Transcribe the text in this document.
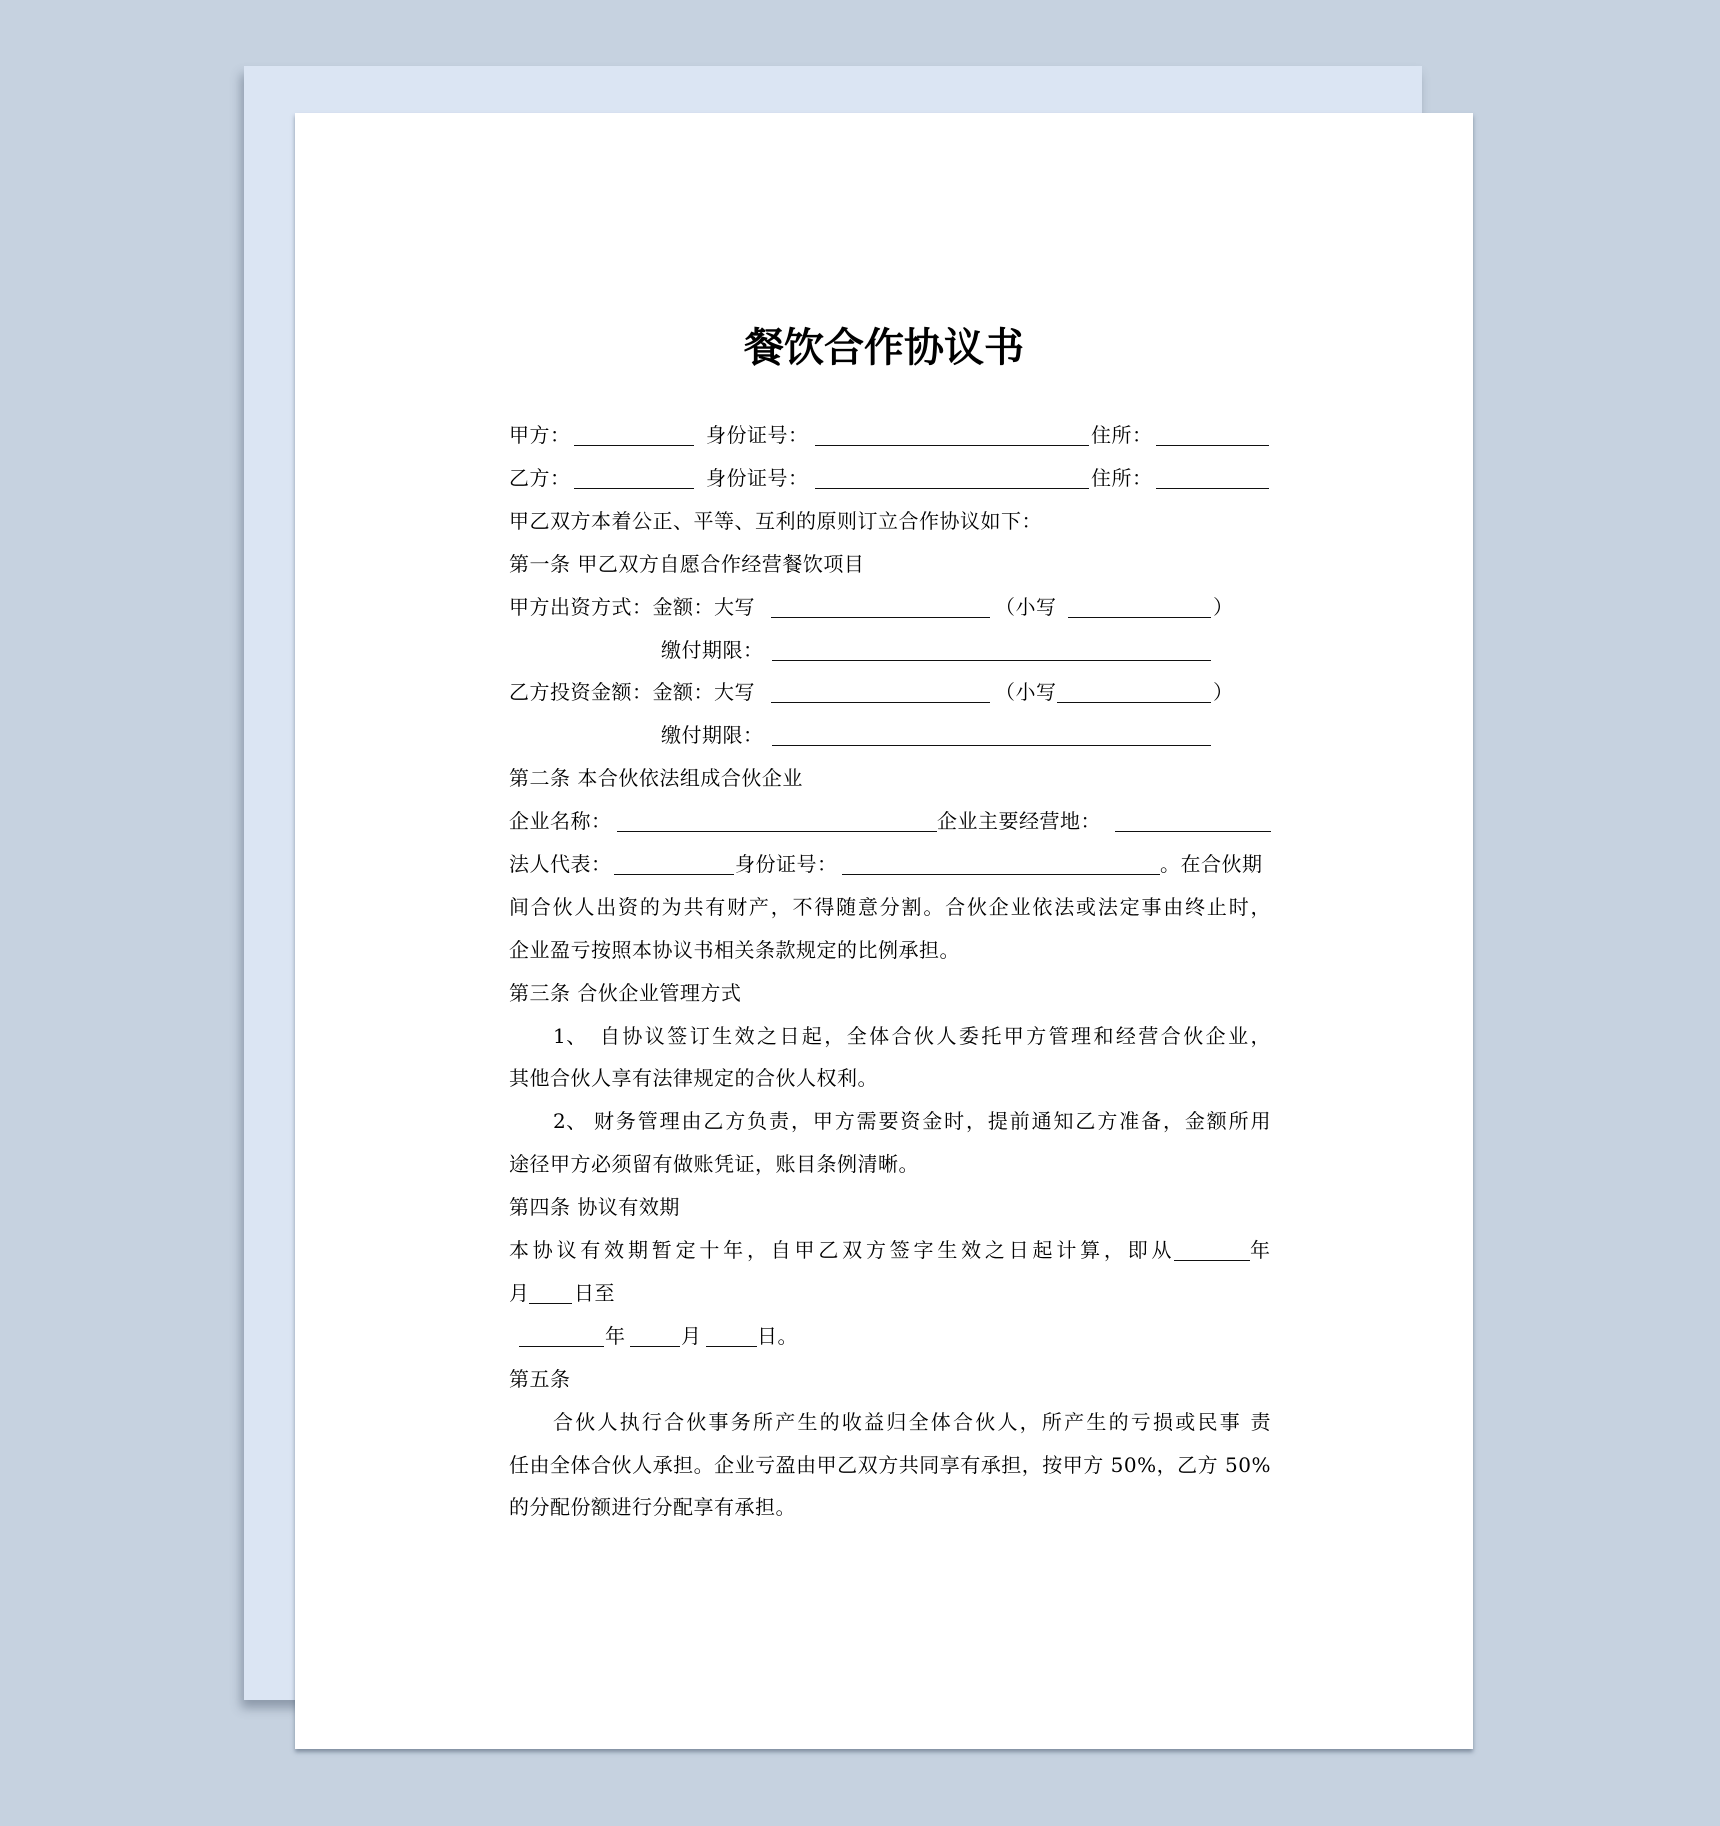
餐饮合作协议书
甲方：	身份证号：	住所：
乙方：	身份证号：	住所：
甲乙双方本着公正、平等、互利的原则订立合作协议如下：
第一条 甲乙双方自愿合作经营餐饮项目
甲方出资方式：金额：大写	（小写	）
缴付期限：
乙方投资金额：金额：大写	（小写	）
缴付期限：
第二条 本合伙依法组成合伙企业
企业名称：	企业主要经营地：
法人代表：	身份证号：	。在合伙期
间合伙人出资的为共有财产，不得随意分割。合伙企业依法或法定事由终止时，
企业盈亏按照本协议书相关条款规定的比例承担。
第三条 合伙企业管理方式
1、 自协议签订生效之日起，全体合伙人委托甲方管理和经营合伙企业，
其他合伙人享有法律规定的合伙人权利。
2、 财务管理由乙方负责，甲方需要资金时，提前通知乙方准备，金额所用
途径甲方必须留有做账凭证，账目条例清晰。
第四条 协议有效期
本协议有效期暂定十年，自甲乙双方签字生效之日起计算，即从	年
月 日至
年	月	日。
第五条
合伙人执行合伙事务所产生的收益归全体合伙人，所产生的亏损或民事 责
任由全体合伙人承担。企业亏盈由甲乙双方共同享有承担，按甲方 50%，乙方 50%
的分配份额进行分配享有承担。
